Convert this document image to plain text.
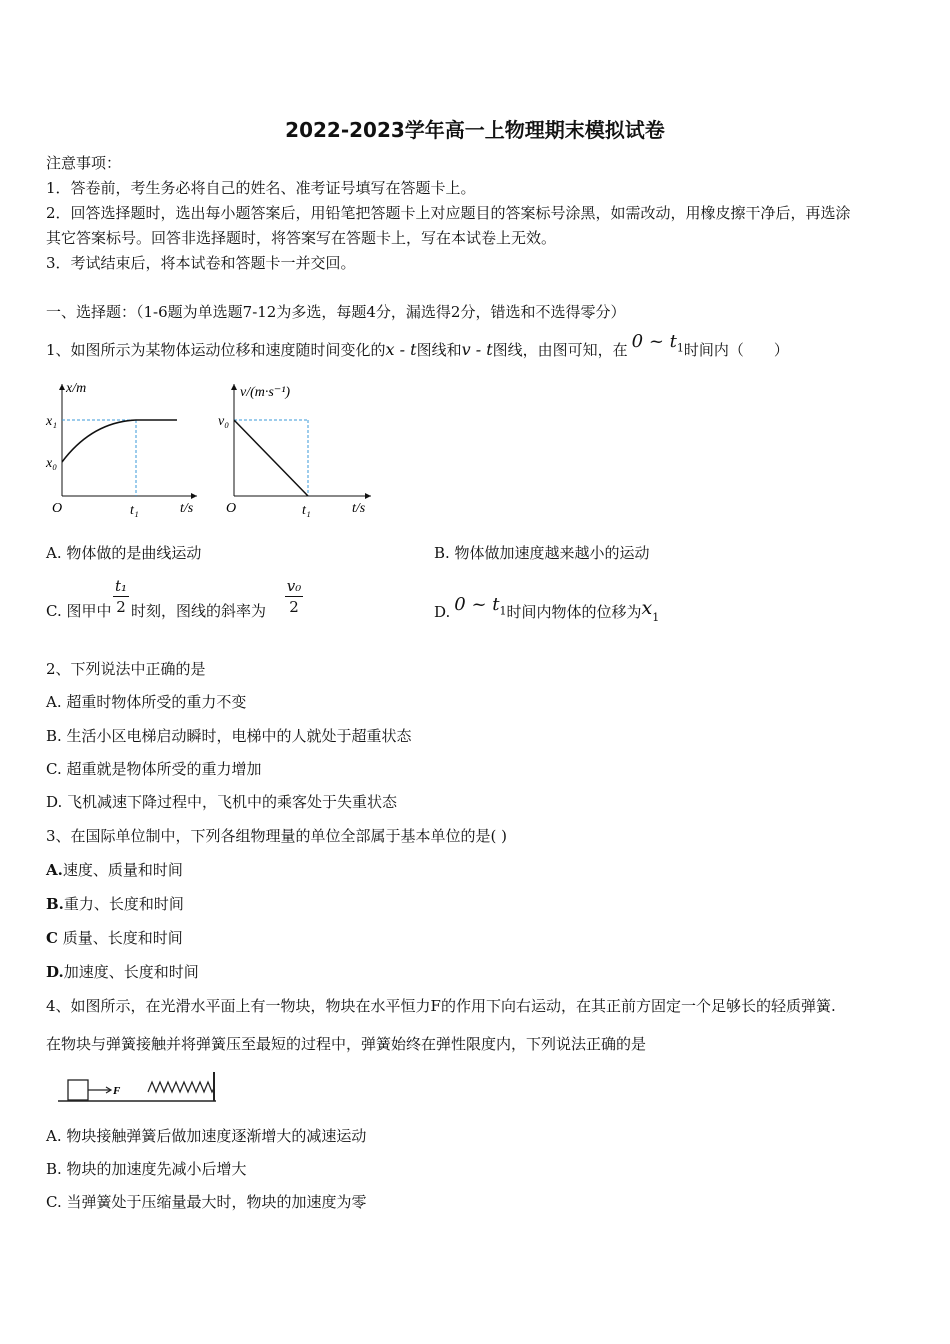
2022-2023学年高一上物理期末模拟试卷
注意事项：
1．答卷前，考生务必将自己的姓名、准考证号填写在答题卡上。
2．回答选择题时，选出每小题答案后，用铅笔把答题卡上对应题目的答案标号涂黑，如需改动，用橡皮擦干净后，再选涂
其它答案标号。回答非选择题时，将答案写在答题卡上，写在本试卷上无效。
3．考试结束后，将本试卷和答题卡一并交回。
一、选择题：（1-6题为单选题7-12为多选，每题4分，漏选得2分，错选和不选得零分）
1、如图所示为某物体运动位移和速度随时间变化的x - t图线和v - t图线，由图可知，在 0 ~ $t_1$时间内（　　）
x/m
x₁
x₀
O	t₁	t/s
v/(m·s⁻¹)
v₀
O	t₁	t/s
A. 物体做的是曲线运动	B. 物体做加速度越来越小的运动
C. 图甲中
t₁
2 时刻，图线的斜率为
v₀
2	D. 0 ~ $t_1$时间内物体的位移为$x_1$
2、下列说法中正确的是
A. 超重时物体所受的重力不变
B. 生活小区电梯启动瞬时，电梯中的人就处于超重状态
C. 超重就是物体所受的重力增加
D. 飞机减速下降过程中，飞机中的乘客处于失重状态
3、在国际单位制中，下列各组物理量的单位全部属于基本单位的是( )
A.速度、质量和时间
B.重力、长度和时间
C 质量、长度和时间
D.加速度、长度和时间
4、如图所示，在光滑水平面上有一物块，物块在水平恒力F的作用下向右运动，在其正前方固定一个足够长的轻质弹簧.
在物块与弹簧接触并将弹簧压至最短的过程中，弹簧始终在弹性限度内，下列说法正确的是
F
A. 物块接触弹簧后做加速度逐渐增大的减速运动
B. 物块的加速度先减小后增大
C. 当弹簧处于压缩量最大时，物块的加速度为零
